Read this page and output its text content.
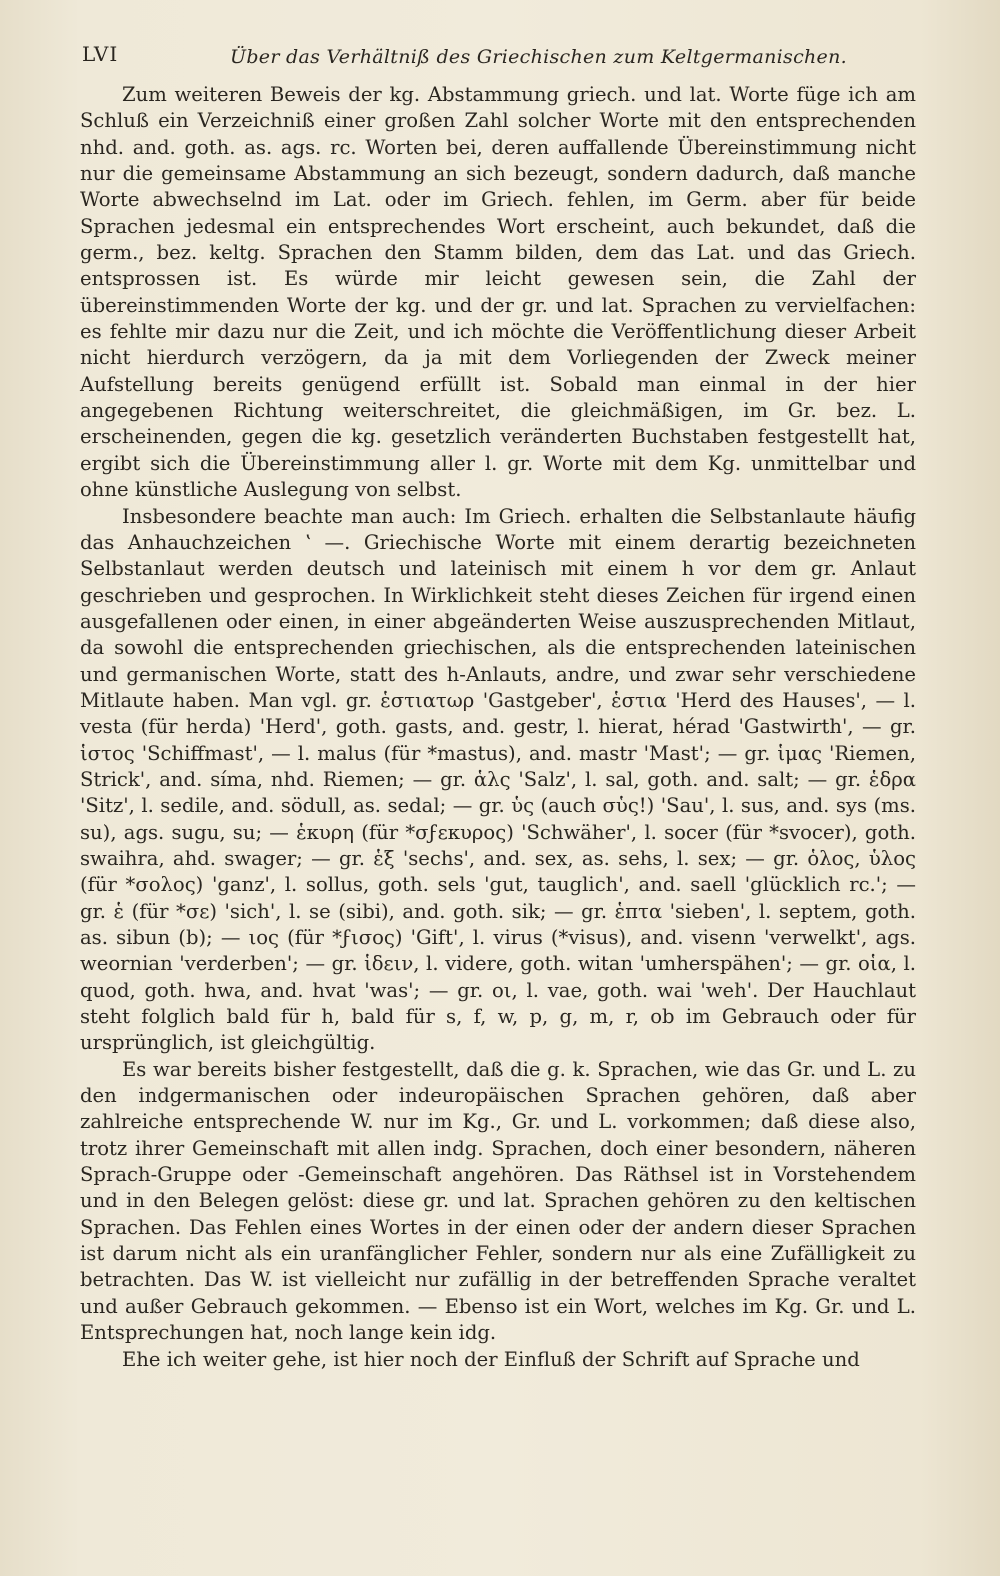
LVI	Über das Verhältniß des Griechischen zum Keltgermanischen.

Zum weiteren Beweis der kg. Abstammung griech. und lat. Worte füge ich am Schluß ein Verzeichniß einer großen Zahl solcher Worte mit den entsprechenden nhd. and. goth. as. ags. rc. Worten bei, deren auffallende Übereinstimmung nicht nur die gemeinsame Abstammung an sich bezeugt, sondern dadurch, daß manche Worte abwechselnd im Lat. oder im Griech. fehlen, im Germ. aber für beide Sprachen jedesmal ein entsprechendes Wort erscheint, auch bekundet, daß die germ., bez. keltg. Sprachen den Stamm bilden, dem das Lat. und das Griech. entsprossen ist. Es würde mir leicht gewesen sein, die Zahl der übereinstimmenden Worte der kg. und der gr. und lat. Sprachen zu vervielfachen: es fehlte mir dazu nur die Zeit, und ich möchte die Veröffentlichung dieser Arbeit nicht hierdurch verzögern, da ja mit dem Vorliegenden der Zweck meiner Aufstellung bereits genügend erfüllt ist. Sobald man einmal in der hier angegebenen Richtung weiterschreitet, die gleichmäßigen, im Gr. bez. L. erscheinenden, gegen die kg. gesetzlich veränderten Buchstaben festgestellt hat, ergibt sich die Übereinstimmung aller l. gr. Worte mit dem Kg. unmittelbar und ohne künstliche Auslegung von selbst.

Insbesondere beachte man auch: Im Griech. erhalten die Selbstanlaute häufig das Anhauchzeichen ʽ —. Griechische Worte mit einem derartig bezeichneten Selbstanlaut werden deutsch und lateinisch mit einem h vor dem gr. Anlaut geschrieben und gesprochen. In Wirklichkeit steht dieses Zeichen für irgend einen ausgefallenen oder einen, in einer abgeänderten Weise auszusprechenden Mitlaut, da sowohl die entsprechenden griechischen, als die entsprechenden lateinischen und germanischen Worte, statt des h-Anlauts, andre, und zwar sehr verschiedene Mitlaute haben. Man vgl. gr. ἑστιατωρ 'Gastgeber', ἑστια 'Herd des Hauses', — l. vesta (für herda) 'Herd', goth. gasts, and. gestr, l. hierat, hérad 'Gastwirth', — gr. ἱστος 'Schiffmast', — l. malus (für *mastus), and. mastr 'Mast'; — gr. ἱμας 'Riemen, Strick', and. síma, nhd. Riemen; — gr. ἁλς 'Salz', l. sal, goth. and. salt; — gr. ἑδρα 'Sitz', l. sedile, and. södull, as. sedal; — gr. ὑς (auch σὑς!) 'Sau', l. sus, and. sys (ms. su), ags. sugu, su; — ἑκυρη (für *σϝεκυρος) 'Schwäher', l. socer (für *svocer), goth. swaihra, ahd. swager; — gr. ἑξ 'sechs', and. sex, as. sehs, l. sex; — gr. ὁλος, ὑλος (für *σολος) 'ganz', l. sollus, goth. sels 'gut, tauglich', and. saell 'glücklich rc.'; — gr. ἑ (für *σε) 'sich', l. se (sibi), and. goth. sik; — gr. ἑπτα 'sieben', l. septem, goth. as. sibun (b); — ιος (für *ϝισος) 'Gift', l. virus (*visus), and. visenn 'verwelkt', ags. weornian 'verderben'; — gr. ἱδειν, l. videre, goth. witan 'umherspähen'; — gr. οἱα, l. quod, goth. hwa, and. hvat 'was'; — gr. οι, l. vae, goth. wai 'weh'. Der Hauchlaut steht folglich bald für h, bald für s, f, w, p, g, m, r, ob im Gebrauch oder für ursprünglich, ist gleichgültig.

Es war bereits bisher festgestellt, daß die g. k. Sprachen, wie das Gr. und L. zu den indgermanischen oder indeuropäischen Sprachen gehören, daß aber zahlreiche entsprechende W. nur im Kg., Gr. und L. vorkommen; daß diese also, trotz ihrer Gemeinschaft mit allen indg. Sprachen, doch einer besondern, näheren Sprach-Gruppe oder -Gemeinschaft angehören. Das Räthsel ist in Vorstehendem und in den Belegen gelöst: diese gr. und lat. Sprachen gehören zu den keltischen Sprachen. Das Fehlen eines Wortes in der einen oder der andern dieser Sprachen ist darum nicht als ein uranfänglicher Fehler, sondern nur als eine Zufälligkeit zu betrachten. Das W. ist vielleicht nur zufällig in der betreffenden Sprache veraltet und außer Gebrauch gekommen. — Ebenso ist ein Wort, welches im Kg. Gr. und L. Entsprechungen hat, noch lange kein idg.

Ehe ich weiter gehe, ist hier noch der Einfluß der Schrift auf Sprache und
